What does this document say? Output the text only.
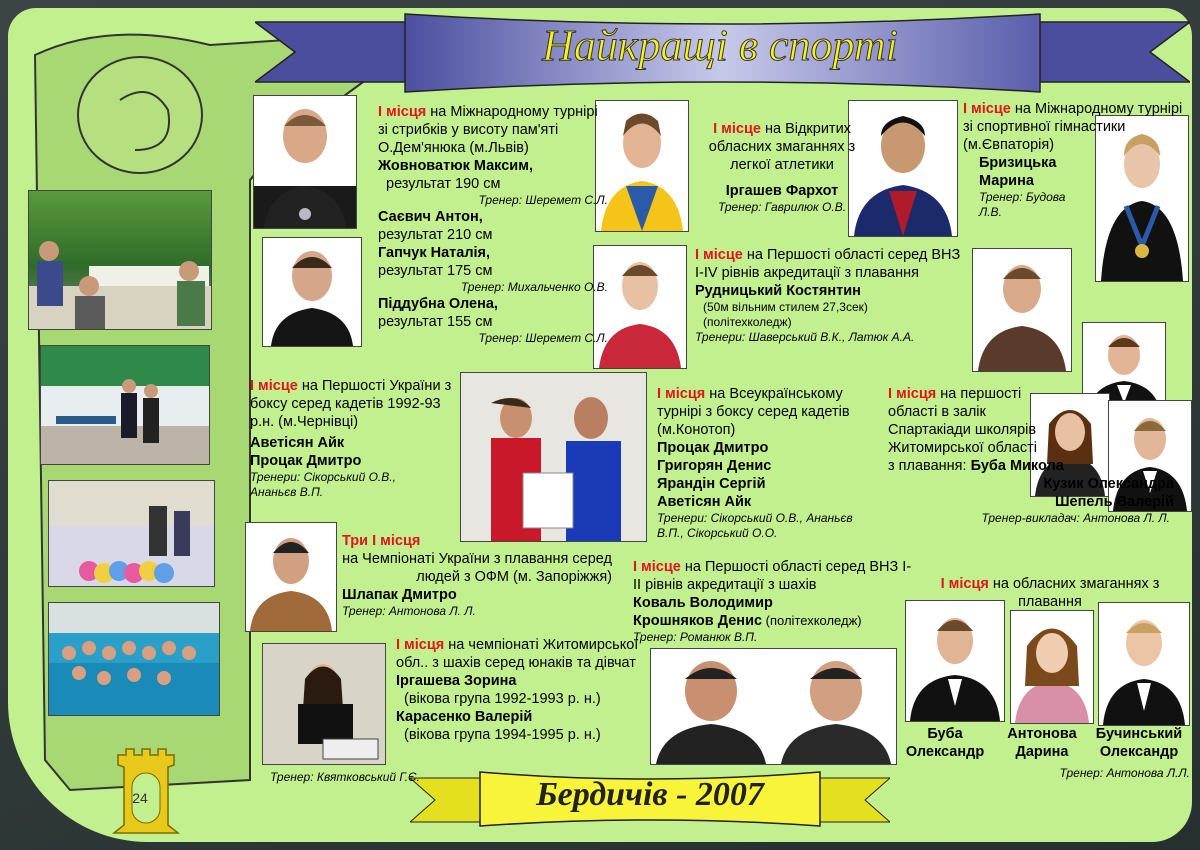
Найкращі в спорті
Бердичів - 2007
24
І місця на Міжнародному турнірі зі стрибків у висоту пам'яті О.Дем'янюка (м.Львів)
Жовноватюк Максим,
результат 190 см
Тренер: Шеремет С.Л.
Саєвич Антон,
результат 210 см
Гапчук Наталія,
результат 175 см
Тренер: Михальченко О.В.
Піддубна Олена,
результат 155 см
Тренер: Шеремет С.Л.
І місце на Відкритих обласних змаганнях з легкої атлетики
Іргашев Фархот
Тренер: Гаврилюк О.В.
І місце на Міжнародному турнірі зі спортивної гімнастики (м.Євпаторія)
Бризицька Марина
Тренер: Будова Л.В.
І місце на Першості області серед ВНЗ І-IV рівнів акредитації з плавання
Рудницький Костянтин
(50м вільним стилем 27,3сек) (політехколедж)
Тренери: Шаверський В.К., Латюк А.А.
І місце на Першості України з боксу серед кадетів 1992-93 р.н. (м.Чернівці)
Аветісян Айк
Процак Дмитро
Тренери: Сікорський О.В., Ананьєв В.П.
І місця на Всеукраїнському турнірі з боксу серед кадетів (м.Конотоп)
Процак Дмитро
Григорян Денис
Ярандін Сергій
Аветісян Айк
Тренери: Сікорський О.В., Ананьєв В.П., Сікорський О.О.
І місця на першості області в залік Спартакіади школярів Житомирської області
з плавання: Буба Микола
Кузик Олександра
Шепель Валерій
Тренер-викладач: Антонова Л. Л.
Три І місця
на Чемпіонаті України з плавання серед людей з ОФМ (м. Запоріжжя)
Шлапак Дмитро
Тренер: Антонова Л. Л.
І місце на Першості області серед ВНЗ І-ІІ рівнів акредитації з шахів
Коваль Володимир
Крошняков Денис (політехколедж)
Тренер: Романюк В.П.
І місця на обласних змаганнях з плавання
Буба Олександр
Антонова Дарина
Бучинський Олександр
Тренер: Антонова Л.Л.
І місця на чемпіонаті Житомирської обл.. з шахів серед юнаків та дівчат
Іргашева Зорина
(вікова група 1992-1993 р. н.)
Карасенко Валерій
(вікова група 1994-1995 р. н.)
Тренер: Квятковський Г.Є.
